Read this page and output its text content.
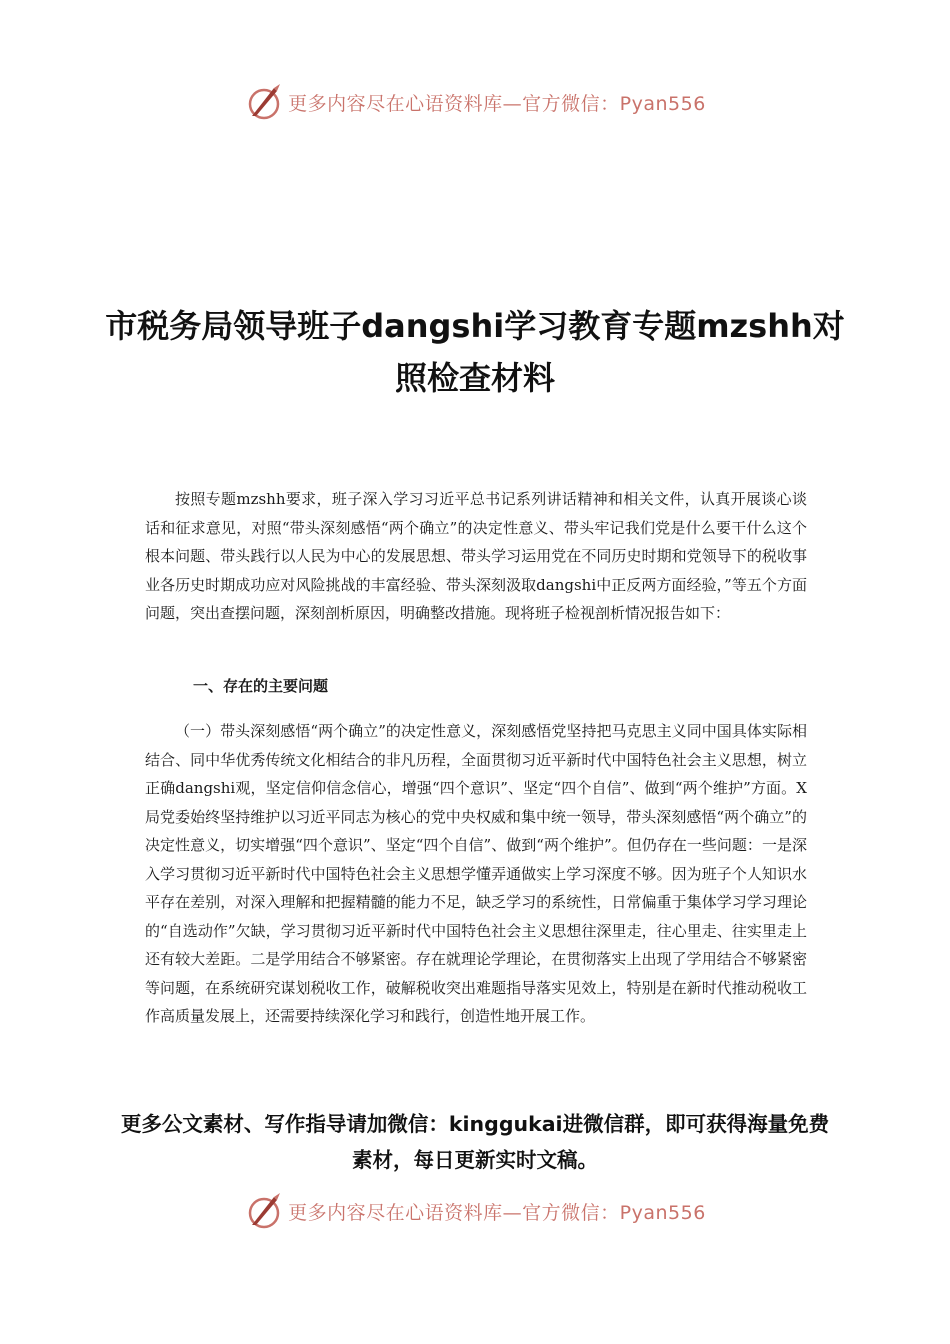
更多内容尽在心语资料库—官方微信：Pyan556
市税务局领导班子dangshi学习教育专题mzshh对照检查材料

按照专题mzshh要求，班子深入学习习近平总书记系列讲话精神和相关文件，认真开展谈心谈话和征求意见，对照“带头深刻感悟“两个确立”的决定性意义、带头牢记我们党是什么要干什么这个根本问题、带头践行以人民为中心的发展思想、带头学习运用党在不同历史时期和党领导下的税收事业各历史时期成功应对风险挑战的丰富经验、带头深刻汲取dangshi中正反两方面经验，”等五个方面问题，突出查摆问题，深刻剖析原因，明确整改措施。现将班子检视剖析情况报告如下：

一、存在的主要问题

（一）带头深刻感悟“两个确立”的决定性意义，深刻感悟党坚持把马克思主义同中国具体实际相结合、同中华优秀传统文化相结合的非凡历程，全面贯彻习近平新时代中国特色社会主义思想，树立正确dangshi观，坚定信仰信念信心，增强“四个意识”、坚定“四个自信”、做到“两个维护”方面。X局党委始终坚持维护以习近平同志为核心的党中央权威和集中统一领导，带头深刻感悟“两个确立”的决定性意义，切实增强“四个意识”、坚定“四个自信”、做到“两个维护”。但仍存在一些问题：一是深入学习贯彻习近平新时代中国特色社会主义思想学懂弄通做实上学习深度不够。因为班子个人知识水平存在差别，对深入理解和把握精髓的能力不足，缺乏学习的系统性，日常偏重于集体学习学习理论的“自选动作”欠缺，学习贯彻习近平新时代中国特色社会主义思想往深里走，往心里走、往实里走上还有较大差距。二是学用结合不够紧密。存在就理论学理论，在贯彻落实上出现了学用结合不够紧密等问题，在系统研究谋划税收工作，破解税收突出难题指导落实见效上，特别是在新时代推动税收工作高质量发展上，还需要持续深化学习和践行，创造性地开展工作。

更多公文素材、写作指导请加微信：kinggukai进微信群，即可获得海量免费素材，每日更新实时文稿。

更多内容尽在心语资料库—官方微信：Pyan556
